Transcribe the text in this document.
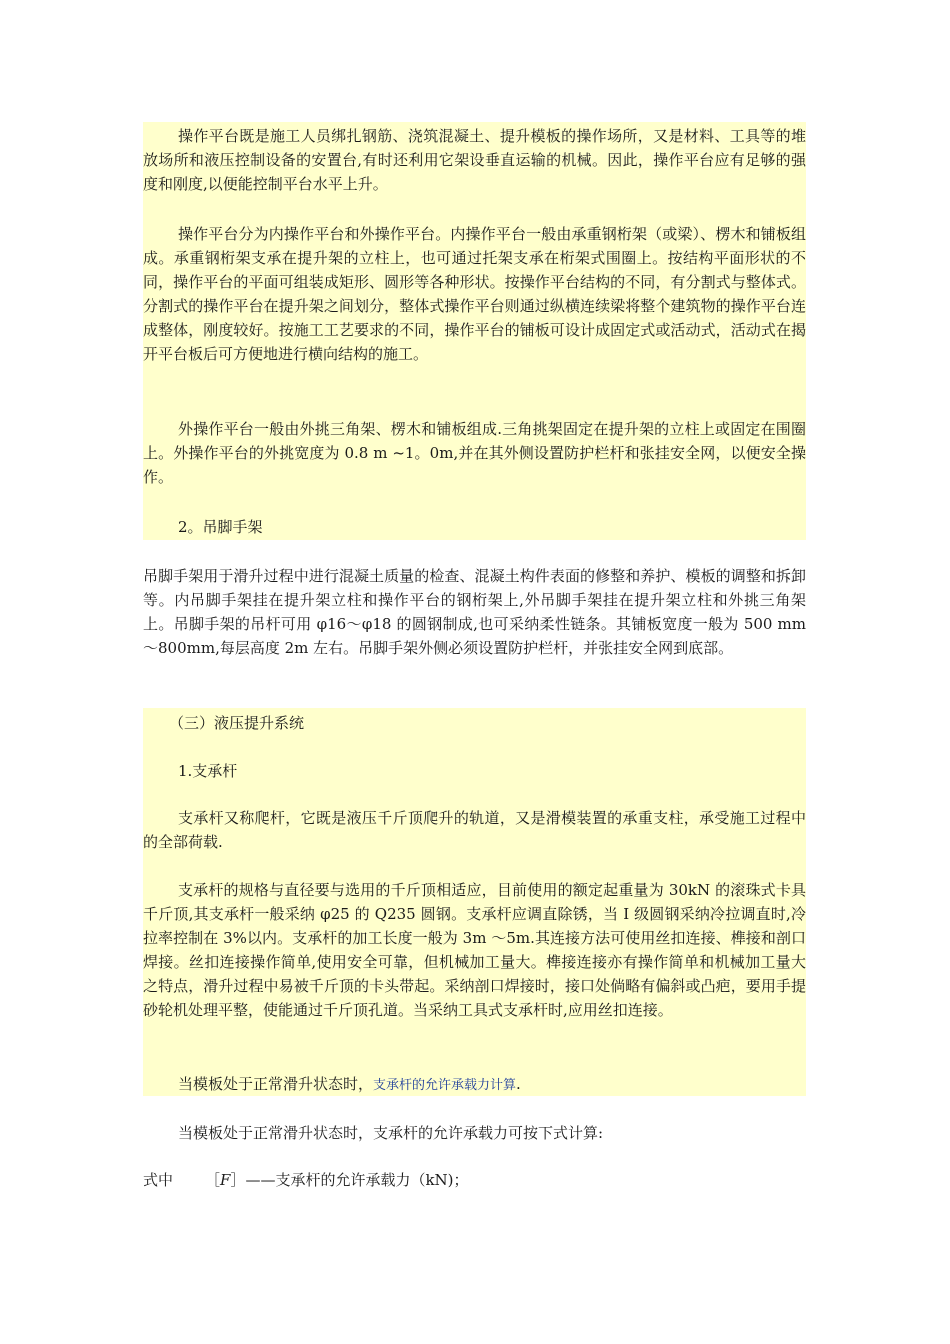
操作平台既是施工人员绑扎钢筋、浇筑混凝土、提升模板的操作场所，又是材料、工具等的堆放场所和液压控制设备的安置台,有时还利用它架设垂直运输的机械。因此，操作平台应有足够的强度和刚度,以便能控制平台水平上升。

操作平台分为内操作平台和外操作平台。内操作平台一般由承重钢桁架（或梁）、楞木和铺板组成。承重钢桁架支承在提升架的立柱上，也可通过托架支承在桁架式围圈上。按结构平面形状的不同，操作平台的平面可组装成矩形、圆形等各种形状。按操作平台结构的不同，有分割式与整体式。分割式的操作平台在提升架之间划分，整体式操作平台则通过纵横连续梁将整个建筑物的操作平台连成整体，刚度较好。按施工工艺要求的不同，操作平台的铺板可设计成固定式或活动式，活动式在揭开平台板后可方便地进行横向结构的施工。

外操作平台一般由外挑三角架、楞木和铺板组成.三角挑架固定在提升架的立柱上或固定在围圈上。外操作平台的外挑宽度为 0.8 m ~1。0m,并在其外侧设置防护栏杆和张挂安全网，以便安全操作。

2。吊脚手架

吊脚手架用于滑升过程中进行混凝土质量的检查、混凝土构件表面的修整和养护、模板的调整和拆卸等。内吊脚手架挂在提升架立柱和操作平台的钢桁架上,外吊脚手架挂在提升架立柱和外挑三角架上。吊脚手架的吊杆可用 φ16～φ18 的圆钢制成,也可采纳柔性链条。其铺板宽度一般为 500 mm ～800mm,每层高度 2m 左右。吊脚手架外侧必须设置防护栏杆，并张挂安全网到底部。

（三）液压提升系统

1.支承杆

支承杆又称爬杆，它既是液压千斤顶爬升的轨道，又是滑模装置的承重支柱，承受施工过程中的全部荷载.

支承杆的规格与直径要与选用的千斤顶相适应，目前使用的额定起重量为 30kN 的滚珠式卡具千斤顶,其支承杆一般采纳 φ25 的 Q235 圆钢。支承杆应调直除锈，当 I 级圆钢采纳冷拉调直时,冷拉率控制在 3%以内。支承杆的加工长度一般为 3m ～5m.其连接方法可使用丝扣连接、榫接和剖口焊接。丝扣连接操作简单,使用安全可靠，但机械加工量大。榫接连接亦有操作简单和机械加工量大之特点，滑升过程中易被千斤顶的卡头带起。采纳剖口焊接时，接口处倘略有偏斜或凸疤，要用手提砂轮机处理平整，使能通过千斤顶孔道。当采纳工具式支承杆时,应用丝扣连接。

当模板处于正常滑升状态时，支承杆的允许承载力计算.

当模板处于正常滑升状态时，支承杆的允许承载力可按下式计算:

式中 ［F］——支承杆的允许承载力（kN)；
